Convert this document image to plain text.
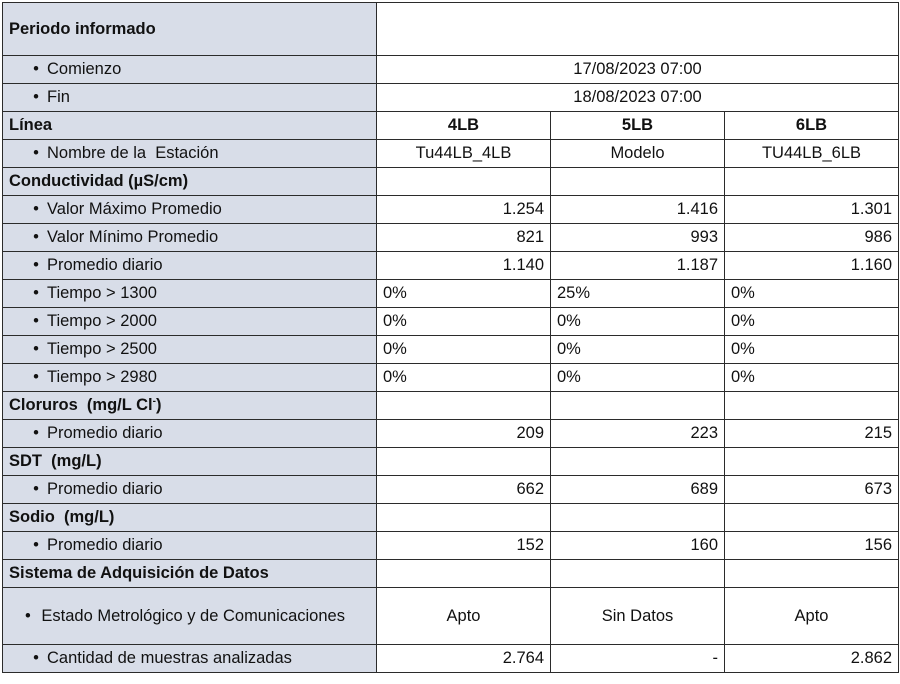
Periodo informado			
• Comienzo	17/08/2023 07:00		
• Fin	18/08/2023 07:00		
Línea	4LB	5LB	6LB
• Nombre de la  Estación	Tu44LB_4LB	Modelo	TU44LB_6LB
Conductividad (µS/cm)			
• Valor Máximo Promedio	1.254	1.416	1.301
• Valor Mínimo Promedio	821	993	986
• Promedio diario	1.140	1.187	1.160
• Tiempo > 1300	0%	25%	0%
• Tiempo > 2000	0%	0%	0%
• Tiempo > 2500	0%	0%	0%
• Tiempo > 2980	0%	0%	0%
Cloruros  (mg/L Cl-)			
• Promedio diario	209	223	215
SDT  (mg/L)			
• Promedio diario	662	689	673
Sodio  (mg/L)			
• Promedio diario	152	160	156
Sistema de Adquisición de Datos			
• Estado Metrológico y de Comunicaciones	Apto	Sin Datos	Apto
• Cantidad de muestras analizadas	2.764	-	2.862
